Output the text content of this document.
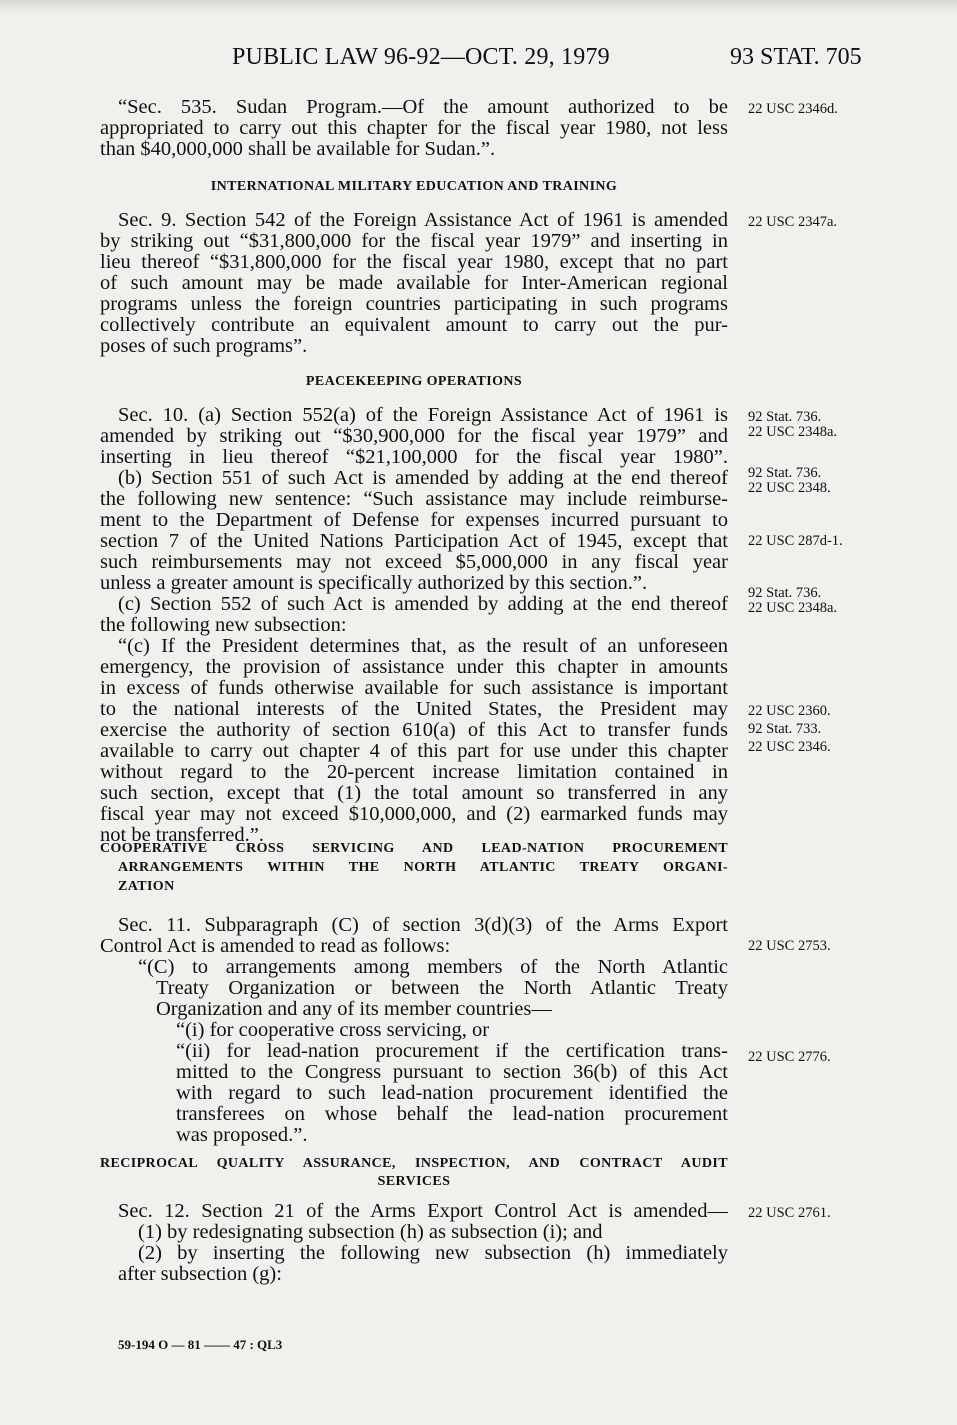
PUBLIC LAW 96-92—OCT. 29, 1979	93 STAT. 705
“Sec. 535. Sudan Program.—Of the amount authorized to be
appropriated to carry out this chapter for the fiscal year 1980, not less
than $40,000,000 shall be available for Sudan.”.
22 USC 2346d.
INTERNATIONAL MILITARY EDUCATION AND TRAINING
Sec. 9. Section 542 of the Foreign Assistance Act of 1961 is amended
by striking out “$31,800,000 for the fiscal year 1979” and inserting in
lieu thereof “$31,800,000 for the fiscal year 1980, except that no part
of such amount may be made available for Inter-American regional
programs unless the foreign countries participating in such programs
collectively contribute an equivalent amount to carry out the pur-
poses of such programs”.
22 USC 2347a.
PEACEKEEPING OPERATIONS
Sec. 10. (a) Section 552(a) of the Foreign Assistance Act of 1961 is
amended by striking out “$30,900,000 for the fiscal year 1979” and
inserting in lieu thereof “$21,100,000 for the fiscal year 1980”.
(b) Section 551 of such Act is amended by adding at the end thereof
the following new sentence: “Such assistance may include reimburse-
ment to the Department of Defense for expenses incurred pursuant to
section 7 of the United Nations Participation Act of 1945, except that
such reimbursements may not exceed $5,000,000 in any fiscal year
unless a greater amount is specifically authorized by this section.”.
(c) Section 552 of such Act is amended by adding at the end thereof
the following new subsection:
“(c) If the President determines that, as the result of an unforeseen
emergency, the provision of assistance under this chapter in amounts
in excess of funds otherwise available for such assistance is important
to the national interests of the United States, the President may
exercise the authority of section 610(a) of this Act to transfer funds
available to carry out chapter 4 of this part for use under this chapter
without regard to the 20-percent increase limitation contained in
such section, except that (1) the total amount so transferred in any
fiscal year may not exceed $10,000,000, and (2) earmarked funds may
not be transferred.”.
92 Stat. 736.
22 USC 2348a.
92 Stat. 736.
22 USC 2348.
22 USC 287d-1.
92 Stat. 736.
22 USC 2348a.
22 USC 2360.
92 Stat. 733.
22 USC 2346.
COOPERATIVE CROSS SERVICING AND LEAD-NATION PROCUREMENT
ARRANGEMENTS WITHIN THE NORTH ATLANTIC TREATY ORGANI-
ZATION
Sec. 11. Subparagraph (C) of section 3(d)(3) of the Arms Export
Control Act is amended to read as follows:
“(C) to arrangements among members of the North Atlantic
Treaty Organization or between the North Atlantic Treaty
Organization and any of its member countries—
“(i) for cooperative cross servicing, or
“(ii) for lead-nation procurement if the certification trans-
mitted to the Congress pursuant to section 36(b) of this Act
with regard to such lead-nation procurement identified the
transferees on whose behalf the lead-nation procurement
was proposed.”.
22 USC 2753.
22 USC 2776.
RECIPROCAL QUALITY ASSURANCE, INSPECTION, AND CONTRACT AUDIT
SERVICES
Sec. 12. Section 21 of the Arms Export Control Act is amended—
(1) by redesignating subsection (h) as subsection (i); and
(2) by inserting the following new subsection (h) immediately
after subsection (g):
22 USC 2761.
59-194 O — 81 —— 47 : QL3
